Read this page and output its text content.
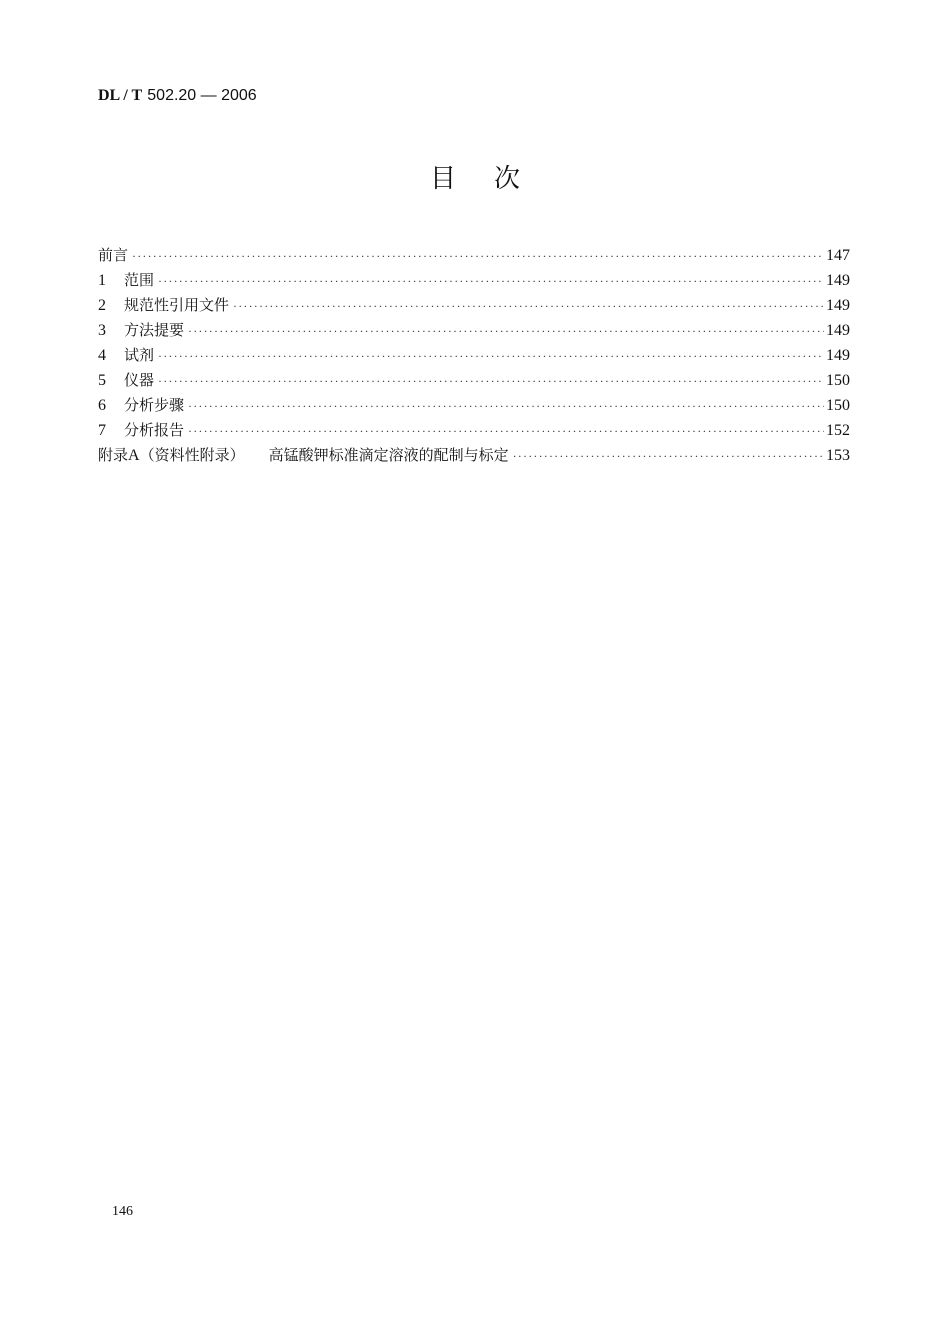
DL / T 502.20 — 2006
目次
前言 ·····	147
1	范围 ·····	149
2	规范性引用文件 ·····	149
3	方法提要 ·····	149
4	试剂 ·····	149
5	仪器 ·····	150
6	分析步骤 ·····	150
7	分析报告 ·····	152
附录A（资料性附录） 高锰酸钾标准滴定溶液的配制与标定 ·····	153
146
